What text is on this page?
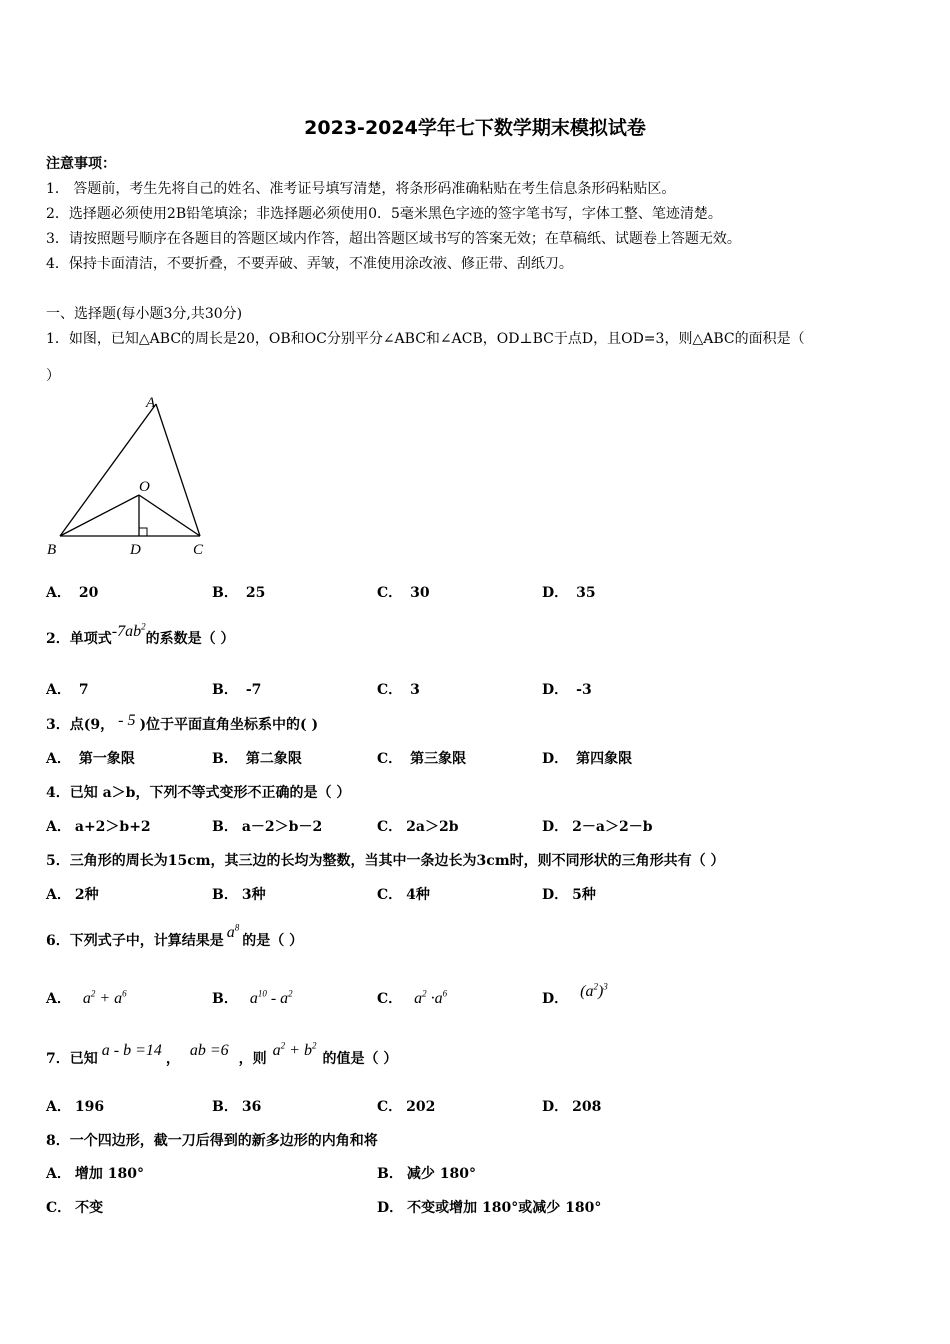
2023-2024学年七下数学期末模拟试卷
注意事项：
1． 答题前，考生先将自己的姓名、准考证号填写清楚，将条形码准确粘贴在考生信息条形码粘贴区。
2．选择题必须使用2B铅笔填涂；非选择题必须使用0．5毫米黑色字迹的签字笔书写，字体工整、笔迹清楚。
3．请按照题号顺序在各题目的答题区域内作答，超出答题区域书写的答案无效；在草稿纸、试题卷上答题无效。
4．保持卡面清洁，不要折叠，不要弄破、弄皱，不准使用涂改液、修正带、刮纸刀。
一、选择题(每小题3分,共30分)
1．如图，已知△ABC的周长是20，OB和OC分别平分∠ABC和∠ACB，OD⊥BC于点D，且OD=3，则△ABC的面积是（
）
A
O
B	D	C
A． 20	B． 25	C． 30	D． 35
2．单项式$-7ab^2$的系数是（ ）
A． 7	B． -7	C． 3	D． -3
3．点(9， - 5 )位于平面直角坐标系中的( )
A． 第一象限	B． 第二象限	C． 第三象限	D． 第四象限
4．已知 a＞b，下列不等式变形不正确的是（ ）
A． a+2＞b+2	B． a－2＞b－2	C． 2a＞2b	D． 2－a＞2－b
5．三角形的周长为15cm，其三边的长均为整数，当其中一条边长为3cm时，则不同形状的三角形共有（ ）
A． 2种	B． 3种	C． 4种	D． 5种
6．下列式子中，计算结果是 $a^8$的是（ ）
A． $a^2 + a^6$	B． $a^{10} - a^2$	C． $a^2 \cdot a^6$	D． $(a^2)^3$
7．已知 a - b =14 ， ab =6 ，则 $a^2 + b^2$的值是（ ）
A． 196	B． 36	C． 202	D． 208
8．一个四边形，截一刀后得到的新多边形的内角和将
A． 增加 180°	B． 减少 180°
C． 不变	D． 不变或增加 180°或减少 180°
